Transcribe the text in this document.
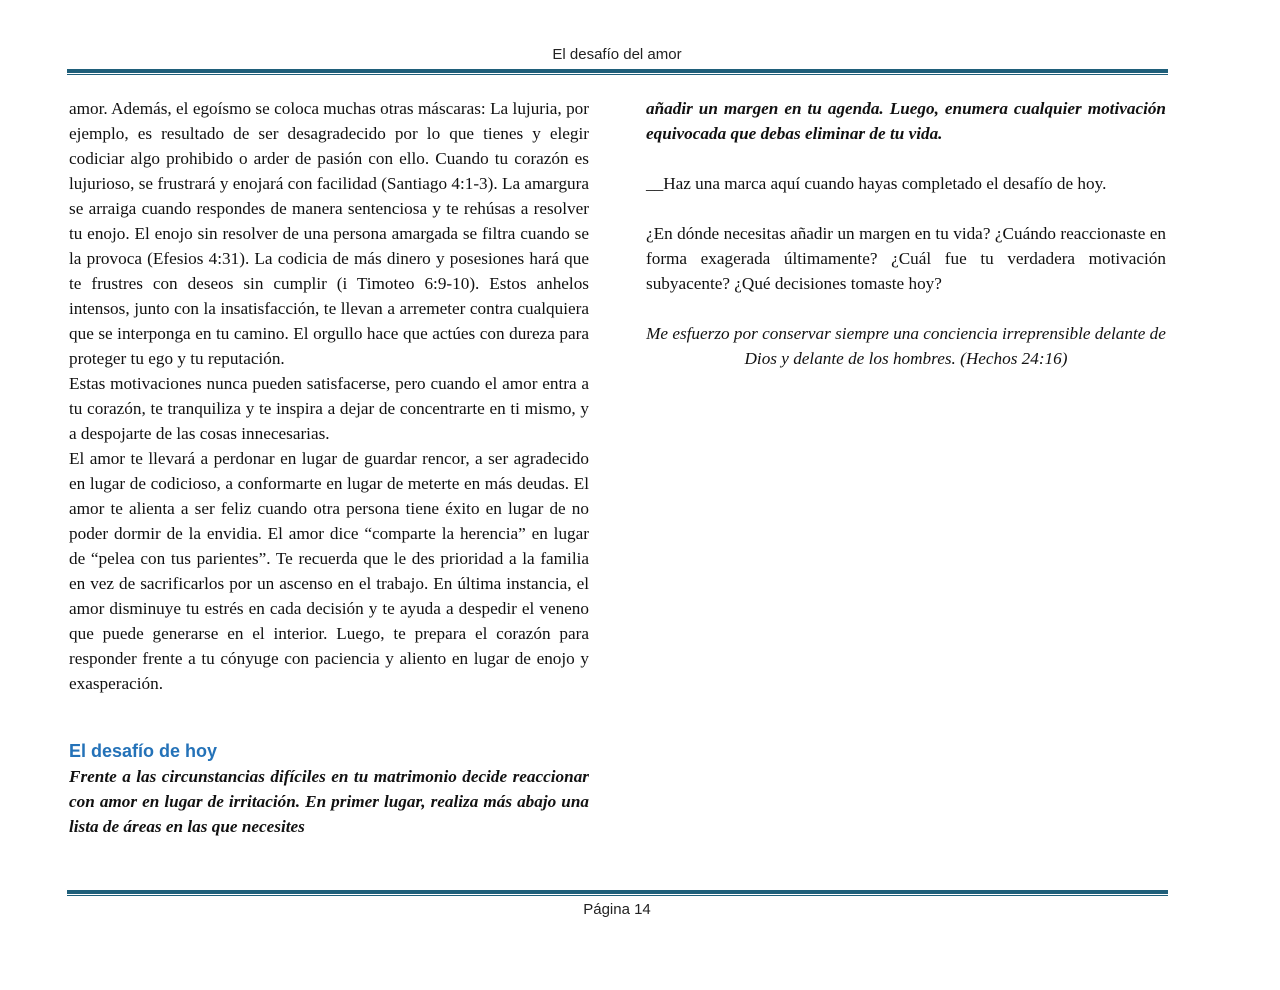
El desafío del amor

amor. Además, el egoísmo se coloca muchas otras máscaras: La lujuria, por ejemplo, es resultado de ser desagradecido por lo que tienes y elegir codiciar algo prohibido o arder de pasión con ello. Cuando tu corazón es lujurioso, se frustrará y enojará con facilidad (Santiago 4:1-3). La amargura se arraiga cuando respondes de manera sentenciosa y te rehúsas a resolver tu enojo. El enojo sin resolver de una persona amargada se filtra cuando se la provoca (Efesios 4:31). La codicia de más dinero y posesiones hará que te frustres con deseos sin cumplir (i Timoteo 6:9-10). Estos anhelos intensos, junto con la insatisfacción, te llevan a arremeter contra cualquiera que se interponga en tu camino. El orgullo hace que actúes con dureza para proteger tu ego y tu reputación.

Estas motivaciones nunca pueden satisfacerse, pero cuando el amor entra a tu corazón, te tranquiliza y te inspira a dejar de concentrarte en ti mismo, y a despojarte de las cosas innecesarias.

El amor te llevará a perdonar en lugar de guardar rencor, a ser agradecido en lugar de codicioso, a conformarte en lugar de meterte en más deudas. El amor te alienta a ser feliz cuando otra persona tiene éxito en lugar de no poder dormir de la envidia. El amor dice “comparte la herencia” en lugar de “pelea con tus parientes”. Te recuerda que le des prioridad a la familia en vez de sacrificarlos por un ascenso en el trabajo. En última instancia, el amor disminuye tu estrés en cada decisión y te ayuda a despedir el veneno que puede generarse en el interior. Luego, te prepara el corazón para responder frente a tu cónyuge con paciencia y aliento en lugar de enojo y exasperación.

El desafío de hoy

Frente a las circunstancias difíciles en tu matrimonio decide reaccionar con amor en lugar de irritación. En primer lugar, realiza más abajo una lista de áreas en las que necesites

añadir un margen en tu agenda. Luego, enumera cualquier motivación equivocada que debas eliminar de tu vida.

__Haz una marca aquí cuando hayas completado el desafío de hoy.

¿En dónde necesitas añadir un margen en tu vida? ¿Cuándo reaccionaste en forma exagerada últimamente? ¿Cuál fue tu verdadera motivación subyacente? ¿Qué decisiones tomaste hoy?

Me esfuerzo por conservar siempre una conciencia irreprensible delante de Dios y delante de los hombres. (Hechos 24:16)

Página 14
